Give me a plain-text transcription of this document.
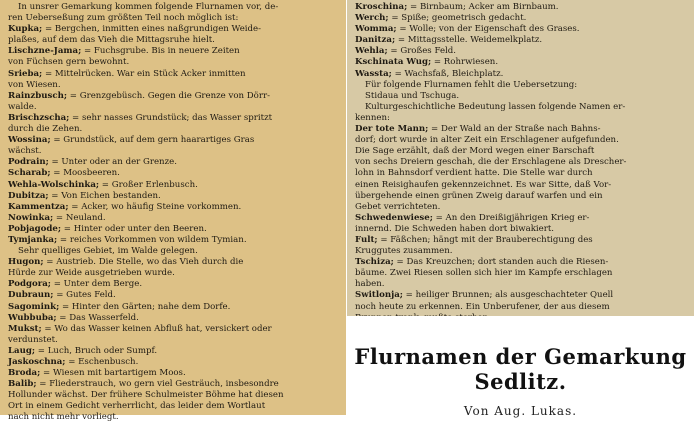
In unsrer Gemarkung kommen folgende Flurnamen vor, de-
ren Ueberseßung zum größten Teil noch möglich ist:
Kupka; = Bergchen, inmitten eines naßgrundigen Weide-
plaßes, auf dem das Vieh die Mittagsruhe hielt.
Lischzne-Jama; = Fuchsgrube. Bis in neuere Zeiten
von Füchsen gern bewohnt.
Srieba; = Mittelrücken. War ein Stück Acker inmitten
von Wiesen.
Rainzbusch; = Grenzgebüsch. Gegen die Grenze von Dörr-
walde.
Brischzscha; = sehr nasses Grundstück; das Wasser spritzt
durch die Zehen.
Wossina; = Grundstück, auf dem gern haarartiges Gras
wächst.
Podrain; = Unter oder an der Grenze.
Scharab; = Moosbeeren.
Wehla-Wolschinka; = Großer Erlenbusch.
Dubitza; = Von Eichen bestanden.
Kammentza; = Acker, wo häufig Steine vorkommen.
Nowinka; = Neuland.
Pobjagode; = Hinter oder unter den Beeren.
Tymjanka; = reiches Vorkommen von wildem Tymian.
Sehr quelliges Gebiet, im Walde gelegen.
Hugon; = Austrieb. Die Stelle, wo das Vieh durch die
Hürde zur Weide ausgetrieben wurde.
Podgora; = Unter dem Berge.
Dubraun; = Gutes Feld.
Sagomink; = Hinter den Gärten; nahe dem Dorfe.
Wubbuba; = Das Wasserfeld.
Mukst; = Wo das Wasser keinen Abfluß hat, versickert oder
verdunstet.
Laug; = Luch, Bruch oder Sumpf.
Jaskoschna; = Eschenbusch.
Broda; = Wiesen mit bartartigem Moos.
Balib; = Fliederstrauch, wo gern viel Gesträuch, insbesondre
Hollunder wächst. Der frühere Schulmeister Böhme hat diesen
Ort in einem Gedicht verherrlicht, das leider dem Wortlaut
nach nicht mehr vorliegt.
Kroschina; = Birnbaum; Acker am Birnbaum.
Werch; = Spiße; geometrisch gedacht.
Womma; = Wolle; von der Eigenschaft des Grases.
Danitza; = Mittagsstelle. Weidemelkplatz.
Wehla; = Großes Feld.
Kschinata Wug; = Rohrwiesen.
Wassta; = Wachsfaß, Bleichplatz.
Für folgende Flurnamen fehlt die Uebersetzung:
Stidaua und Tschuga.
Kulturgeschichtliche Bedeutung lassen folgende Namen er-
kennen:
Der tote Mann; = Der Wald an der Straße nach Bahns-
dorf; dort wurde in alter Zeit ein Erschlagener aufgefunden.
Die Sage erzählt, daß der Mord wegen einer Barschaft
von sechs Dreiern geschah, die der Erschlagene als Drescher-
lohn in Bahnsdorf verdient hatte. Die Stelle war durch
einen Reisighaufen gekennzeichnet. Es war Sitte, daß Vor-
übergehende einen grünen Zweig darauf warfen und ein
Gebet verrichteten.
Schwedenwiese; = An den Dreißigjährigen Krieg er-
innernd. Die Schweden haben dort biwakiert.
Fult; = Fäßchen; hängt mit der Brauberechtigung des
Kruggutes zusammen.
Tschiza; = Das Kreuzchen; dort standen auch die Riesen-
bäume. Zwei Riesen sollen sich hier im Kampfe erschlagen
haben.
Switlonja; = heiliger Brunnen; als ausgeschachteter Quell
noch heute zu erkennen. Ein Unberufener, der aus diesem
Flurnamen der Gemarkung Sedlitz.
Von Aug. Lukas.
